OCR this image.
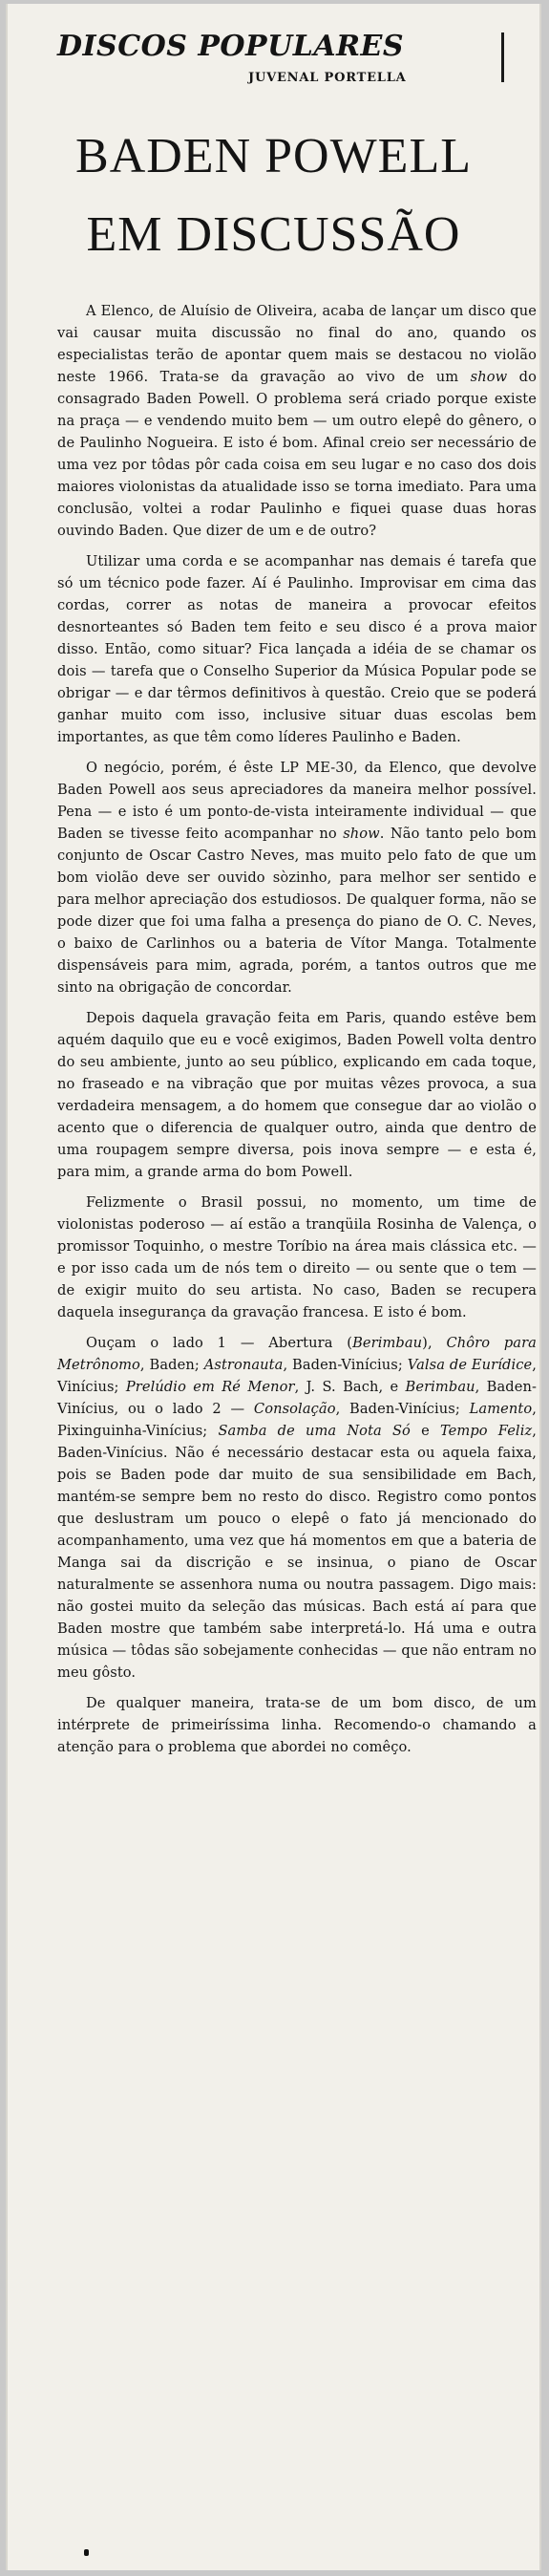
DISCOS POPULARES
JUVENAL PORTELLA
BADEN POWELL
EM DISCUSSÃO

A Elenco, de Aluísio de Oliveira, acaba de lançar um disco que vai causar muita discussão no final do ano, quando os especialistas terão de apontar quem mais se destacou no violão neste 1966. Trata-se da gravação ao vivo de um show do consagrado Baden Powell. O problema será criado porque existe na praça — e vendendo muito bem — um outro elepê do gênero, o de Paulinho Nogueira. E isto é bom. Afinal creio ser necessário de uma vez por tôdas pôr cada coisa em seu lugar e no caso dos dois maiores violonistas da atualidade isso se torna imediato. Para uma conclusão, voltei a rodar Paulinho e fiquei quase duas horas ouvindo Baden. Que dizer de um e de outro?

Utilizar uma corda e se acompanhar nas demais é tarefa que só um técnico pode fazer. Aí é Paulinho. Improvisar em cima das cordas, correr as notas de maneira a provocar efeitos desnorteantes só Baden tem feito e seu disco é a prova maior disso. Então, como situar? Fica lançada a idéia de se chamar os dois — tarefa que o Conselho Superior da Música Popular pode se obrigar — e dar têrmos definitivos à questão. Creio que se poderá ganhar muito com isso, inclusive situar duas escolas bem importantes, as que têm como líderes Paulinho e Baden.

O negócio, porém, é êste LP ME-30, da Elenco, que devolve Baden Powell aos seus apreciadores da maneira melhor possível. Pena — e isto é um ponto-de-vista inteiramente individual — que Baden se tivesse feito acompanhar no show. Não tanto pelo bom conjunto de Oscar Castro Neves, mas muito pelo fato de que um bom violão deve ser ouvido sòzinho, para melhor ser sentido e para melhor apreciação dos estudiosos. De qualquer forma, não se pode dizer que foi uma falha a presença do piano de O. C. Neves, o baixo de Carlinhos ou a bateria de Vítor Manga. Totalmente dispensáveis para mim, agrada, porém, a tantos outros que me sinto na obrigação de concordar.

Depois daquela gravação feita em Paris, quando estêve bem aquém daquilo que eu e você exigimos, Baden Powell volta dentro do seu ambiente, junto ao seu público, explicando em cada toque, no fraseado e na vibração que por muitas vêzes provoca, a sua verdadeira mensagem, a do homem que consegue dar ao violão o acento que o diferencia de qualquer outro, ainda que dentro de uma roupagem sempre diversa, pois inova sempre — e esta é, para mim, a grande arma do bom Powell.

Felizmente o Brasil possui, no momento, um time de violonistas poderoso — aí estão a tranqüila Rosinha de Valença, o promissor Toquinho, o mestre Toríbio na área mais clássica etc. — e por isso cada um de nós tem o direito — ou sente que o tem — de exigir muito do seu artista. No caso, Baden se recupera daquela insegurança da gravação francesa. E isto é bom.

Ouçam o lado 1 — Abertura (Berimbau), Chôro para Metrônomo, Baden; Astronauta, Baden-Vinícius; Valsa de Eurídice, Vinícius; Prelúdio em Ré Menor, J. S. Bach, e Berimbau, Baden-Vinícius, ou o lado 2 — Consolação, Baden-Vinícius; Lamento, Pixinguinha-Vinícius; Samba de uma Nota Só e Tempo Feliz, Baden-Vinícius. Não é necessário destacar esta ou aquela faixa, pois se Baden pode dar muito de sua sensibilidade em Bach, mantém-se sempre bem no resto do disco. Registro como pontos que deslustram um pouco o elepê o fato já mencionado do acompanhamento, uma vez que há momentos em que a bateria de Manga sai da discrição e se insinua, o piano de Oscar naturalmente se assenhora numa ou noutra passagem. Digo mais: não gostei muito da seleção das músicas. Bach está aí para que Baden mostre que também sabe interpretá-lo. Há uma e outra música — tôdas são sobejamente conhecidas — que não entram no meu gôsto.

De qualquer maneira, trata-se de um bom disco, de um intérprete de primeiríssima linha. Recomendo-o chamando a atenção para o problema que abordei no comêço.
